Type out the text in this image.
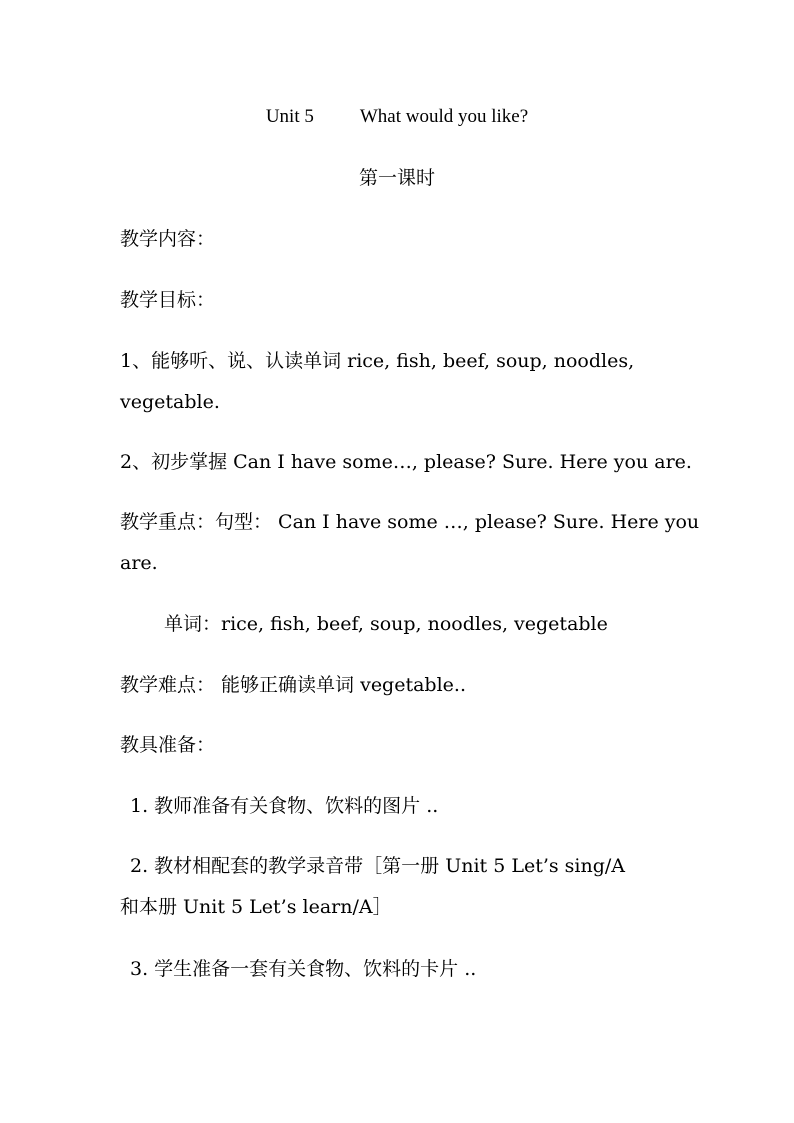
Unit 5 What would you like?
第一课时
教学内容：
教学目标：
1、能够听、说、认读单词 rice, fish, beef, soup, noodles,
vegetable.
2、初步掌握 Can I have some…, please? Sure. Here you are.
教学重点：句型： Can I have some …, please? Sure. Here you
are.
单词：rice, fish, beef, soup, noodles, vegetable
教学难点： 能够正确读单词 vegetable..
教具准备：
1. 教师准备有关食物、饮料的图片 ..
2. 教材相配套的教学录音带［第一册 Unit 5 Let’s sing/A
和本册 Unit 5 Let’s learn/A］
3. 学生准备一套有关食物、饮料的卡片 ..
